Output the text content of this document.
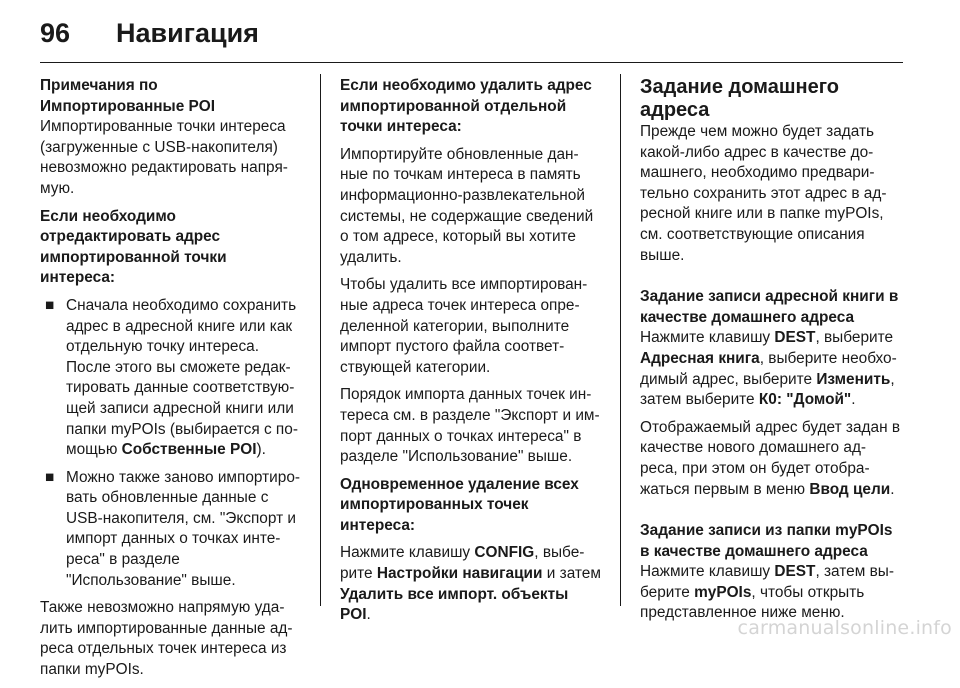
96 Навигация

Примечания по
Импортированные POI

Импортированные точки интереса (загруженные с USB-накопителя) невозможно редактировать напря-мую.

Если необходимо отредактировать адрес импортированной точки интереса:

■ Сначала необходимо сохранить адрес в адресной книге или как отдельную точку интереса. После этого вы сможете редак-тировать данные соответствую-щей записи адресной книги или папки myPOIs (выбирается с по-мощью Собственные POI).
■ Можно также заново импортиро-вать обновленные данные с USB-накопителя, см. "Экспорт и импорт данных о точках инте-реса" в разделе "Использование" выше.

Также невозможно напрямую уда-лить импортированные данные ад-реса отдельных точек интереса из папки myPOIs.

Если необходимо удалить адрес импортированной отдельной точки интереса:

Импортируйте обновленные дан-ные по точкам интереса в память информационно-развлекательной системы, не содержащие сведений о том адресе, который вы хотите удалить.

Чтобы удалить все импортирован-ные адреса точек интереса опре-деленной категории, выполните импорт пустого файла соответ-ствующей категории.

Порядок импорта данных точек ин-тереса см. в разделе "Экспорт и им-порт данных о точках интереса" в разделе "Использование" выше.

Одновременное удаление всех импортированных точек интереса:

Нажмите клавишу CONFIG, выбе-рите Настройки навигации и затем Удалить все импорт. объекты POI.

Задание домашнего адреса

Прежде чем можно будет задать какой-либо адрес в качестве до-машнего, необходимо предвари-тельно сохранить этот адрес в ад-ресной книге или в папке myPOIs, см. соответствующие описания выше.

Задание записи адресной книги в качестве домашнего адреса

Нажмите клавишу DEST, выберите Адресная книга, выберите необхо-димый адрес, выберите Изменить, затем выберите К0: "Домой".

Отображаемый адрес будет задан в качестве нового домашнего ад-реса, при этом он будет отобра-жаться первым в меню Ввод цели.

Задание записи из папки myPOIs в качестве домашнего адреса

Нажмите клавишу DEST, затем вы-берите myPOIs, чтобы открыть представленное ниже меню.

carmanualsonline.info
